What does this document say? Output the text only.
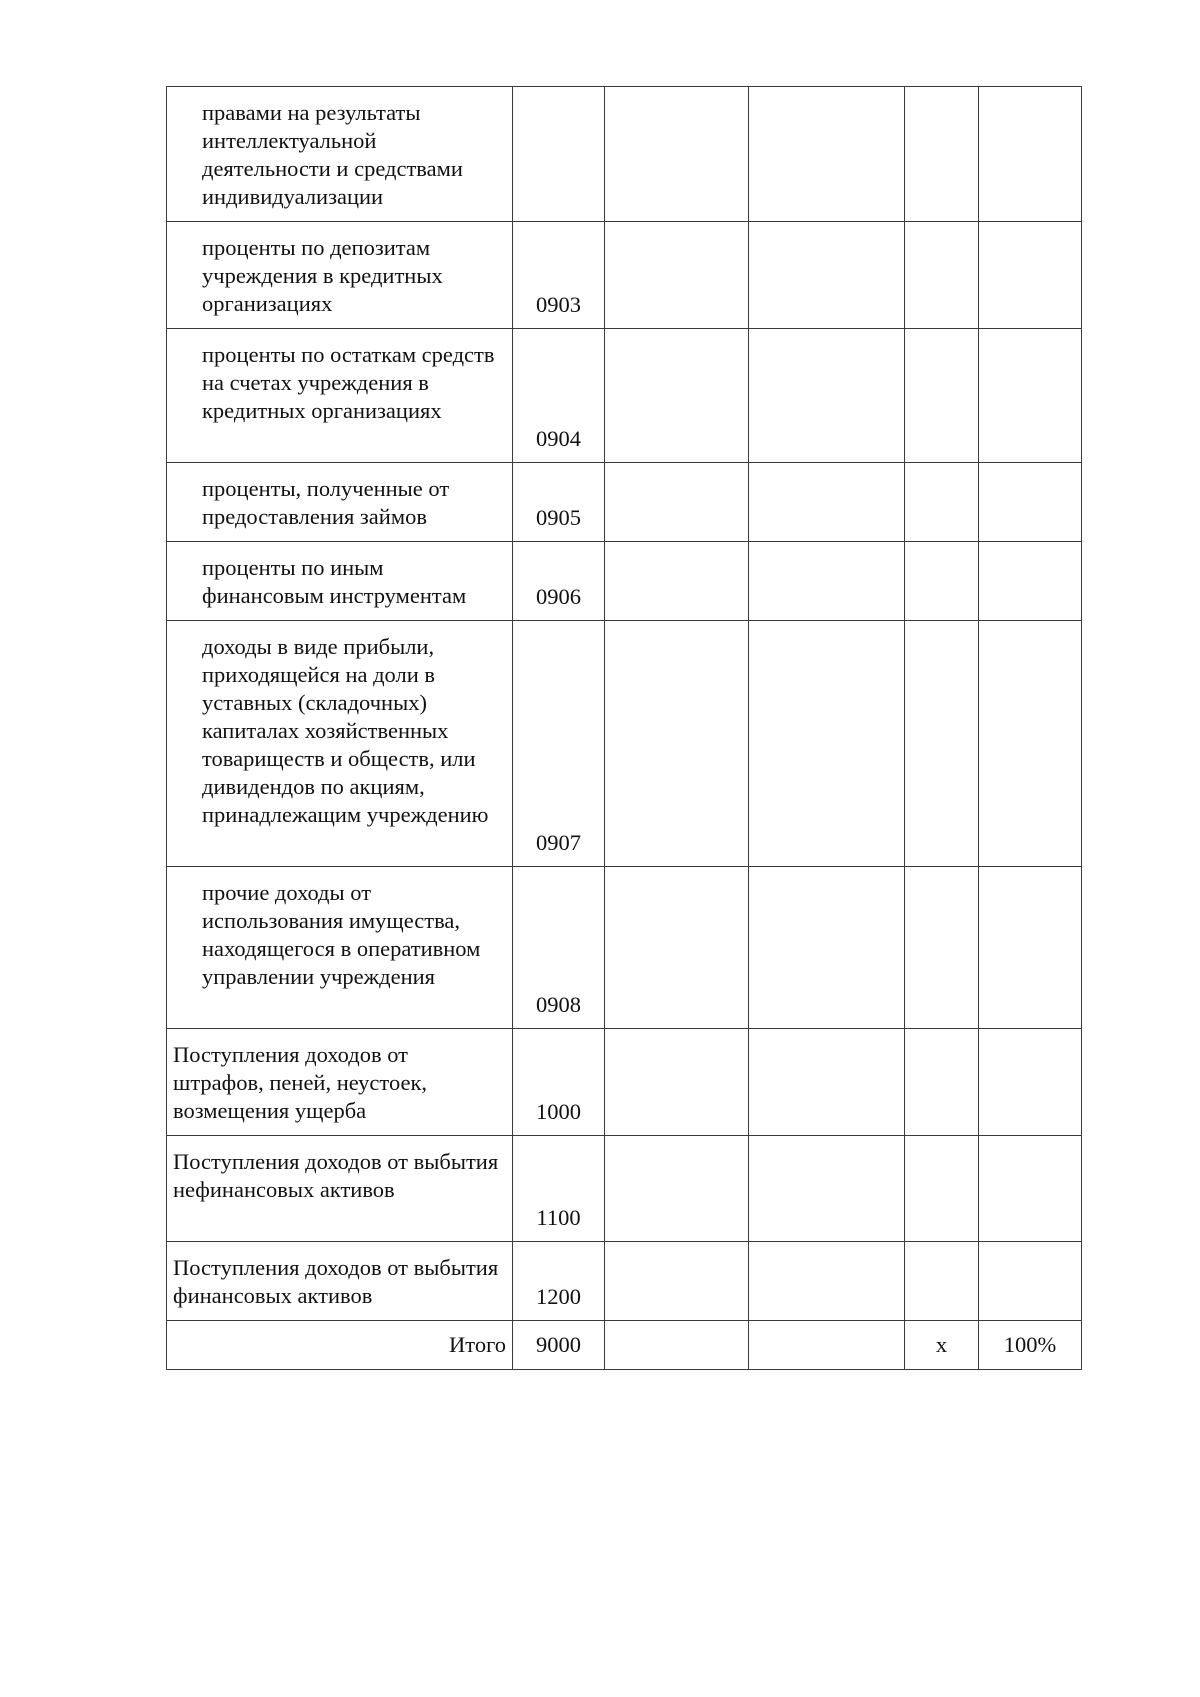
правами на результаты интеллектуальной деятельности и средствами индивидуализации					

проценты по депозитам учреждения в кредитных организациях	0903				

проценты по остаткам средств на счетах учреждения в кредитных организациях	0904				

проценты, полученные от предоставления займов	0905				

проценты по иным финансовым инструментам	0906				

доходы в виде прибыли, приходящейся на доли в уставных (складочных) капиталах хозяйственных товариществ и обществ, или дивидендов по акциям, принадлежащим учреждению	0907				

прочие доходы от использования имущества, находящегося в оперативном управлении учреждения	0908				

Поступления доходов от штрафов, пеней, неустоек, возмещения ущерба	1000				

Поступления доходов от выбытия нефинансовых активов	1100				

Поступления доходов от выбытия финансовых активов	1200				
Итого	9000			х	100%
